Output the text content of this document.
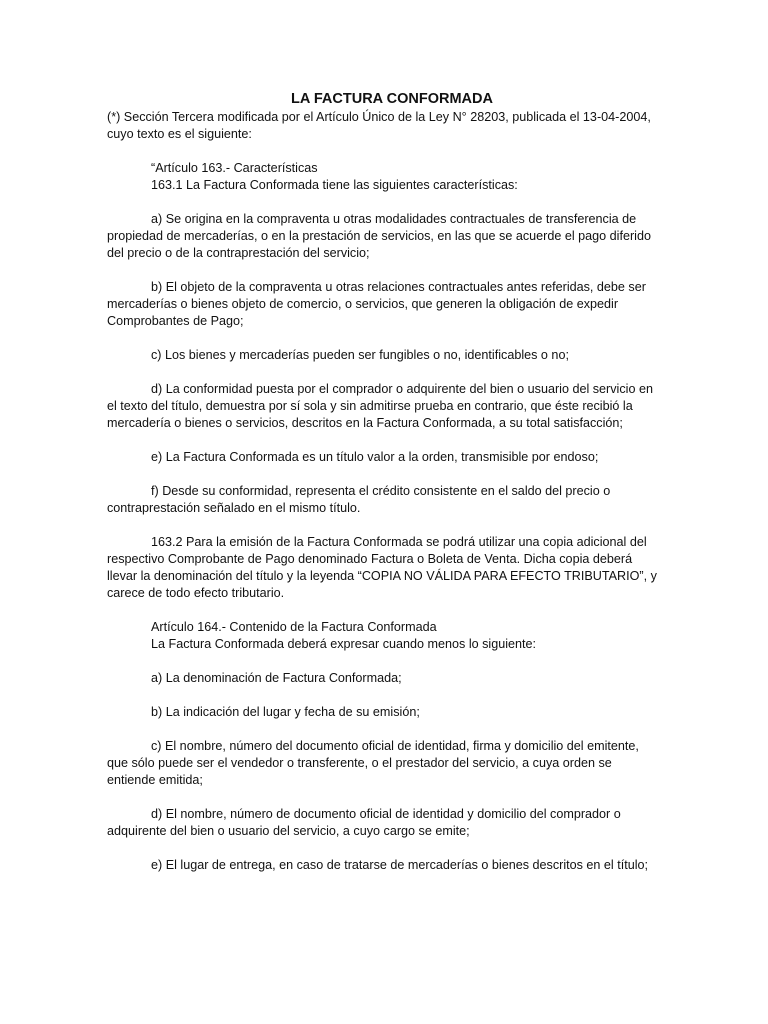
LA FACTURA CONFORMADA

(*) Sección Tercera modificada por el Artículo Único de la Ley N° 28203, publicada el 13-04-2004, cuyo texto es el siguiente:

“Artículo 163.- Características

163.1 La Factura Conformada tiene las siguientes características:

a) Se origina en la compraventa u otras modalidades contractuales de transferencia de propiedad de mercaderías, o en la prestación de servicios, en las que se acuerde el pago diferido del precio o de la contraprestación del servicio;

b) El objeto de la compraventa u otras relaciones contractuales antes referidas, debe ser mercaderías o bienes objeto de comercio, o servicios, que generen la obligación de expedir Comprobantes de Pago;

c) Los bienes y mercaderías pueden ser fungibles o no, identificables o no;

d) La conformidad puesta por el comprador o adquirente del bien o usuario del servicio en el texto del título, demuestra por sí sola y sin admitirse prueba en contrario, que éste recibió la mercadería o bienes o servicios, descritos en la Factura Conformada, a su total satisfacción;

e) La Factura Conformada es un título valor a la orden, transmisible por endoso;

f) Desde su conformidad, representa el crédito consistente en el saldo del precio o contraprestación señalado en el mismo título.

163.2 Para la emisión de la Factura Conformada se podrá utilizar una copia adicional del respectivo Comprobante de Pago denominado Factura o Boleta de Venta. Dicha copia deberá llevar la denominación del título y la leyenda “COPIA NO VÁLIDA PARA EFECTO TRIBUTARIO”, y carece de todo efecto tributario.

Artículo 164.- Contenido de la Factura Conformada

La Factura Conformada deberá expresar cuando menos lo siguiente:

a) La denominación de Factura Conformada;

b) La indicación del lugar y fecha de su emisión;

c) El nombre, número del documento oficial de identidad, firma y domicilio del emitente, que sólo puede ser el vendedor o transferente, o el prestador del servicio, a cuya orden se entiende emitida;

d) El nombre, número de documento oficial de identidad y domicilio del comprador o adquirente del bien o usuario del servicio, a cuyo cargo se emite;

e) El lugar de entrega, en caso de tratarse de mercaderías o bienes descritos en el título;
